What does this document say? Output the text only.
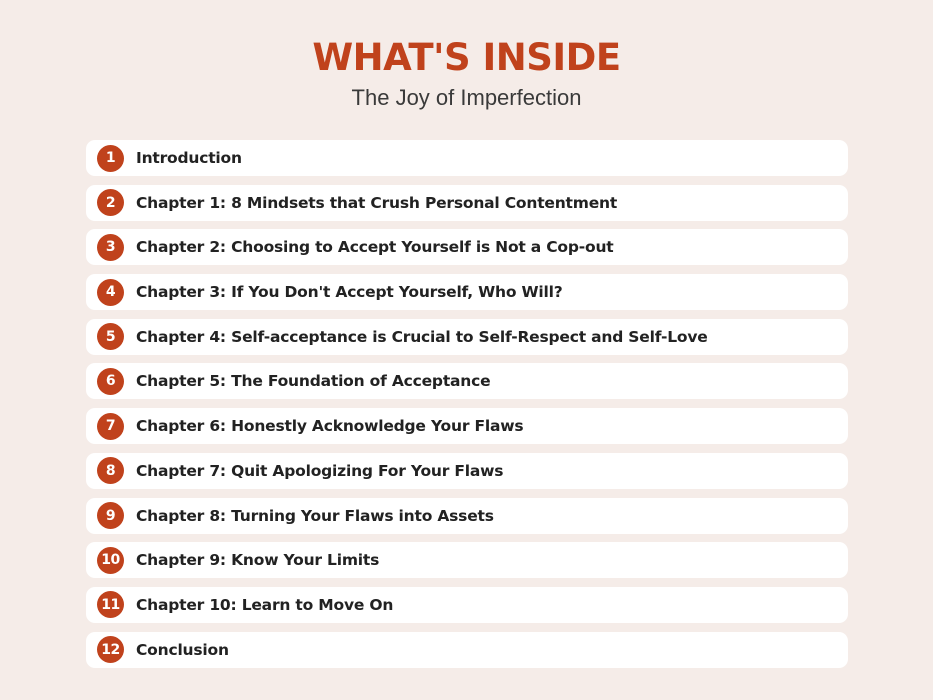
WHAT'S INSIDE
The Joy of Imperfection
1	Introduction
2	Chapter 1: 8 Mindsets that Crush Personal Contentment
3	Chapter 2: Choosing to Accept Yourself is Not a Cop-out
4	Chapter 3: If You Don't Accept Yourself, Who Will?
5	Chapter 4: Self-acceptance is Crucial to Self-Respect and Self-Love
6	Chapter 5: The Foundation of Acceptance
7	Chapter 6: Honestly Acknowledge Your Flaws
8	Chapter 7: Quit Apologizing For Your Flaws
9	Chapter 8: Turning Your Flaws into Assets
10 Chapter 9: Know Your Limits
11 Chapter 10: Learn to Move On
12 Conclusion
